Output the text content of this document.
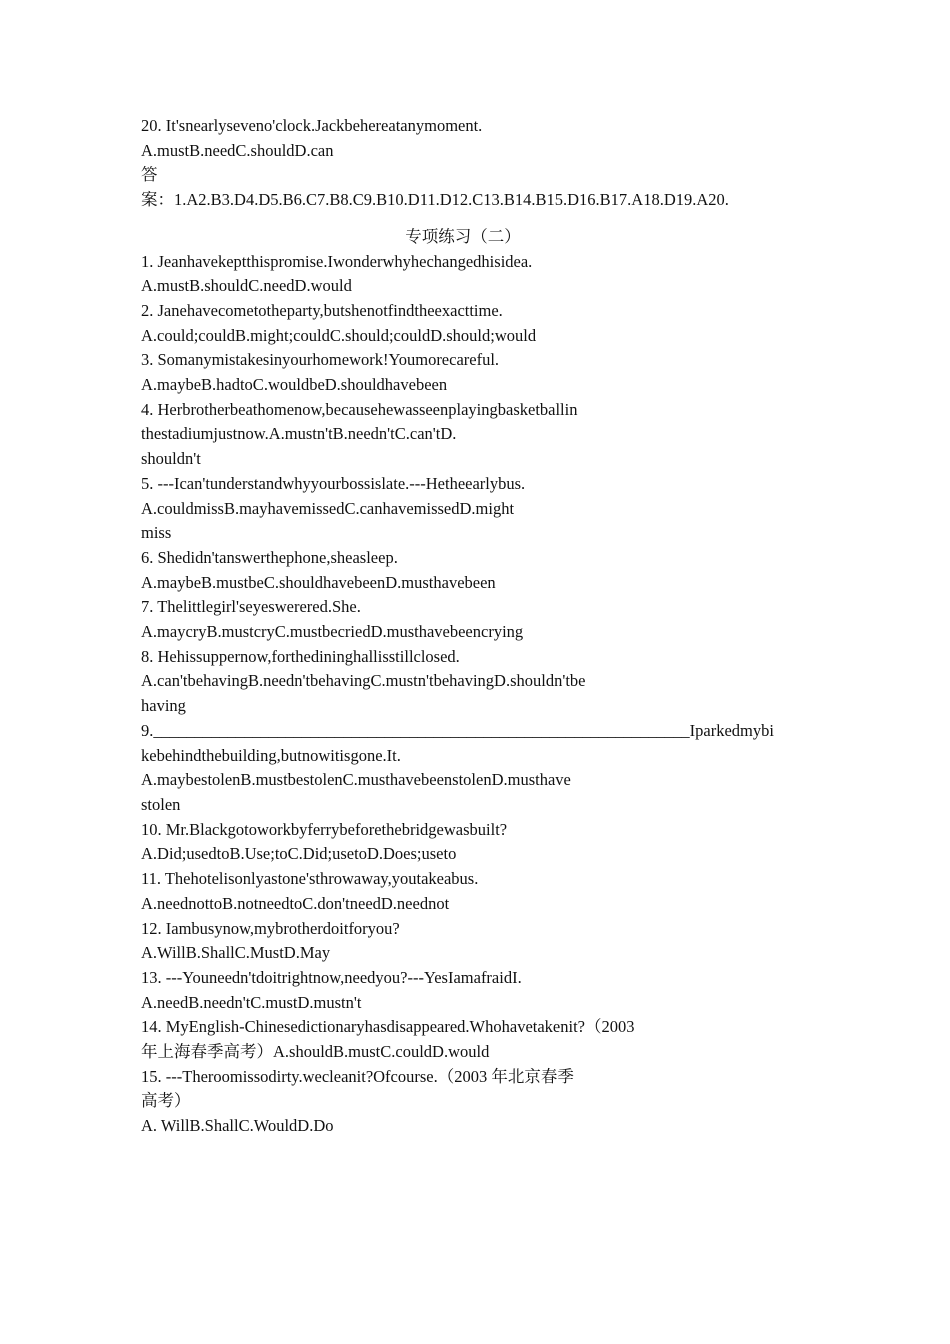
20. It'snearlyseveno'clock.Jackbehereatanymoment.
A.mustB.needC.shouldD.can
答
案：1.A2.B3.D4.D5.B6.C7.B8.C9.B10.D11.D12.C13.B14.B15.D16.B17.A18.D19.A20.
专项练习（二）
1. Jeanhavekeptthispromise.Iwonderwhyhechangedhisidea.
A.mustB.shouldC.needD.would
2. Janehavecometotheparty,butshenotfindtheexacttime.
A.could;couldB.might;couldC.should;couldD.should;would
3. Somanymistakesinyourhomework!Youmorecareful.
A.maybeB.hadtoC.wouldbeD.shouldhavebeen
4. Herbrotherbeathomenow,becausehewasseenplayingbasketballin
thestadiumjustnow.A.mustn'tB.needn'tC.can'tD.
shouldn't
5. ---Ican'tunderstandwhyyourbossislate.---Hetheearlybus.
A.couldmissB.mayhavemissedC.canhavemissedD.might
miss
6. Shedidn'tanswerthephone,sheasleep.
A.maybeB.mustbeC.shouldhavebeenD.musthavebeen
7. Thelittlegirl'seyeswerered.She.
A.maycryB.mustcryC.mustbecriedD.musthavebeencrying
8. Hehissuppernow,forthedininghallisstillclosed.
A.can'tbehavingB.needn'tbehavingC.mustn'tbehavingD.shouldn'tbe
having
9._________________________________________________________________Iparkedmybi
kebehindthebuilding,butnowitisgone.It.
A.maybestolenB.mustbestolenC.musthavebeenstolenD.musthave
stolen
10. Mr.Blackgotoworkbyferrybeforethebridgewasbuilt?
A.Did;usedtoB.Use;toC.Did;usetoD.Does;useto
11. Thehotelisonlyastone'sthrowaway,youtakeabus.
A.neednottoB.notneedtoC.don'tneedD.neednot
12. Iambusynow,mybrotherdoitforyou?
A.WillB.ShallC.MustD.May
13. ---Youneedn'tdoitrightnow,needyou?---YesIamafraidI.
A.needB.needn'tC.mustD.mustn't
14. MyEnglish-Chinesedictionaryhasdisappeared.Whohavetakenit?（2003
年上海春季高考）A.shouldB.mustC.couldD.would
15. ---Theroomissodirty.wecleanit?Ofcourse.（2003 年北京春季
高考）
A. WillB.ShallC.WouldD.Do
